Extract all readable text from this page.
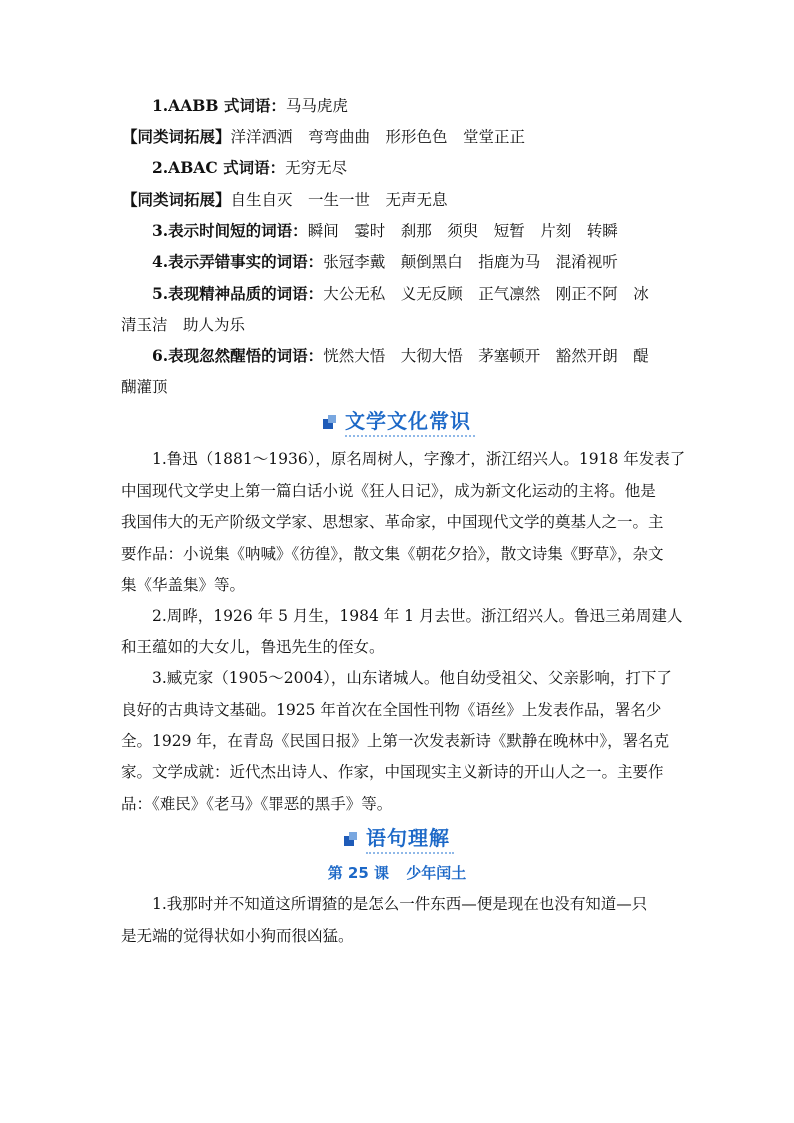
1.AABB 式词语：马马虎虎
【同类词拓展】洋洋洒洒　弯弯曲曲　形形色色　堂堂正正
2.ABAC 式词语：无穷无尽
【同类词拓展】自生自灭　一生一世　无声无息
3.表示时间短的词语：瞬间　霎时　刹那　须臾　短暂　片刻　转瞬
4.表示弄错事实的词语：张冠李戴　颠倒黑白　指鹿为马　混淆视听
5.表现精神品质的词语：大公无私　义无反顾　正气凛然　刚正不阿　冰
清玉洁　助人为乐
6.表现忽然醒悟的词语：恍然大悟　大彻大悟　茅塞顿开　豁然开朗　醍
醐灌顶
文学文化常识
1.鲁迅（1881～1936），原名周树人，字豫才，浙江绍兴人。1918 年发表了
中国现代文学史上第一篇白话小说《狂人日记》，成为新文化运动的主将。他是
我国伟大的无产阶级文学家、思想家、革命家，中国现代文学的奠基人之一。主
要作品：小说集《呐喊》《彷徨》，散文集《朝花夕拾》，散文诗集《野草》，杂文
集《华盖集》等。
2.周晔，1926 年 5 月生，1984 年 1 月去世。浙江绍兴人。鲁迅三弟周建人
和王蕴如的大女儿，鲁迅先生的侄女。
3.臧克家（1905～2004），山东诸城人。他自幼受祖父、父亲影响，打下了
良好的古典诗文基础。1925 年首次在全国性刊物《语丝》上发表作品，署名少
全。1929 年，在青岛《民国日报》上第一次发表新诗《默静在晚林中》，署名克
家。文学成就：近代杰出诗人、作家，中国现实主义新诗的开山人之一。主要作
品：《难民》《老马》《罪恶的黑手》等。
语句理解
第 25 课 少年闰土
1.我那时并不知道这所谓猹的是怎么一件东西—便是现在也没有知道—只
是无端的觉得状如小狗而很凶猛。
